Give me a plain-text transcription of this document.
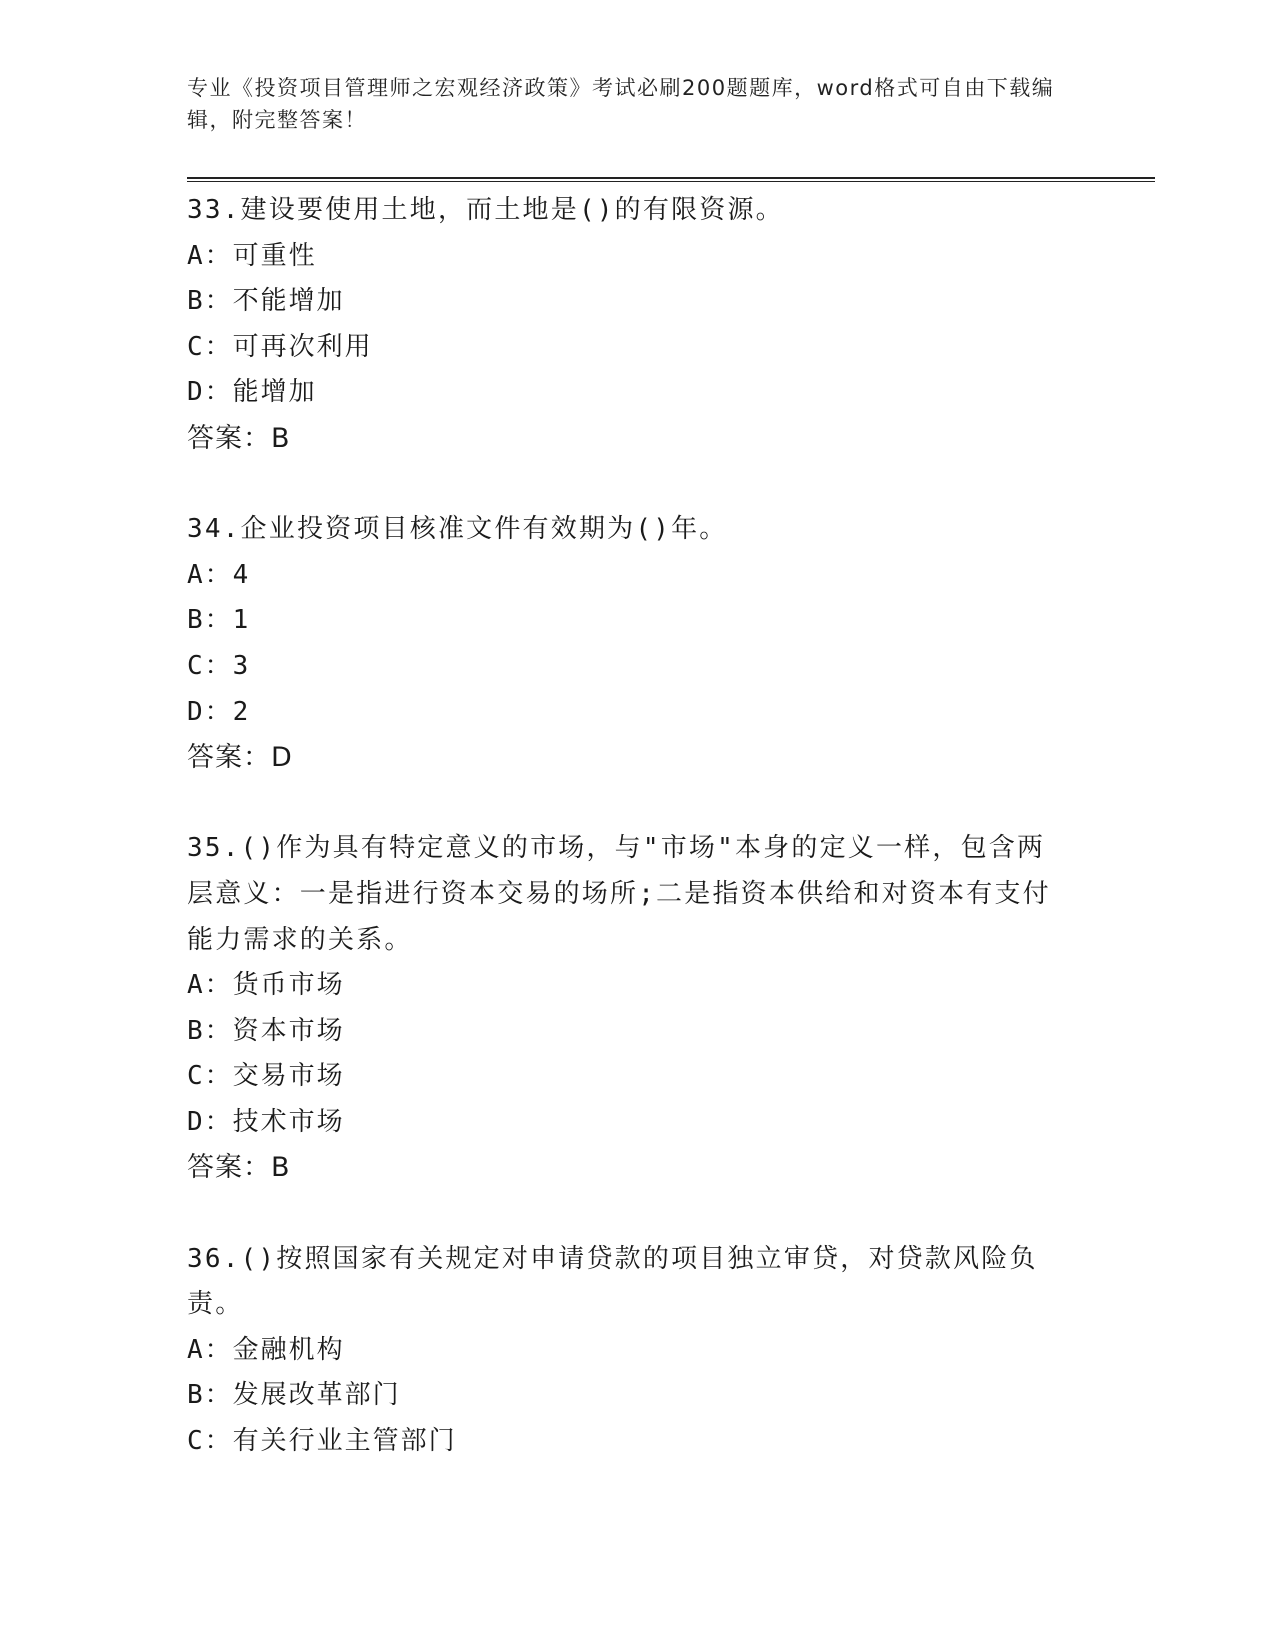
专业《投资项目管理师之宏观经济政策》考试必刷200题题库，word格式可自由下载编辑，附完整答案！
33.建设要使用土地，而土地是()的有限资源。
A：可重性
B：不能增加
C：可再次利用
D：能增加
答案：B
34.企业投资项目核准文件有效期为()年。
A：4
B：1
C：3
D：2
答案：D
35.()作为具有特定意义的市场，与"市场"本身的定义一样，包含两层意义：一是指进行资本交易的场所;二是指资本供给和对资本有支付能力需求的关系。
A：货币市场
B：资本市场
C：交易市场
D：技术市场
答案：B
36.()按照国家有关规定对申请贷款的项目独立审贷，对贷款风险负责。
A：金融机构
B：发展改革部门
C：有关行业主管部门
